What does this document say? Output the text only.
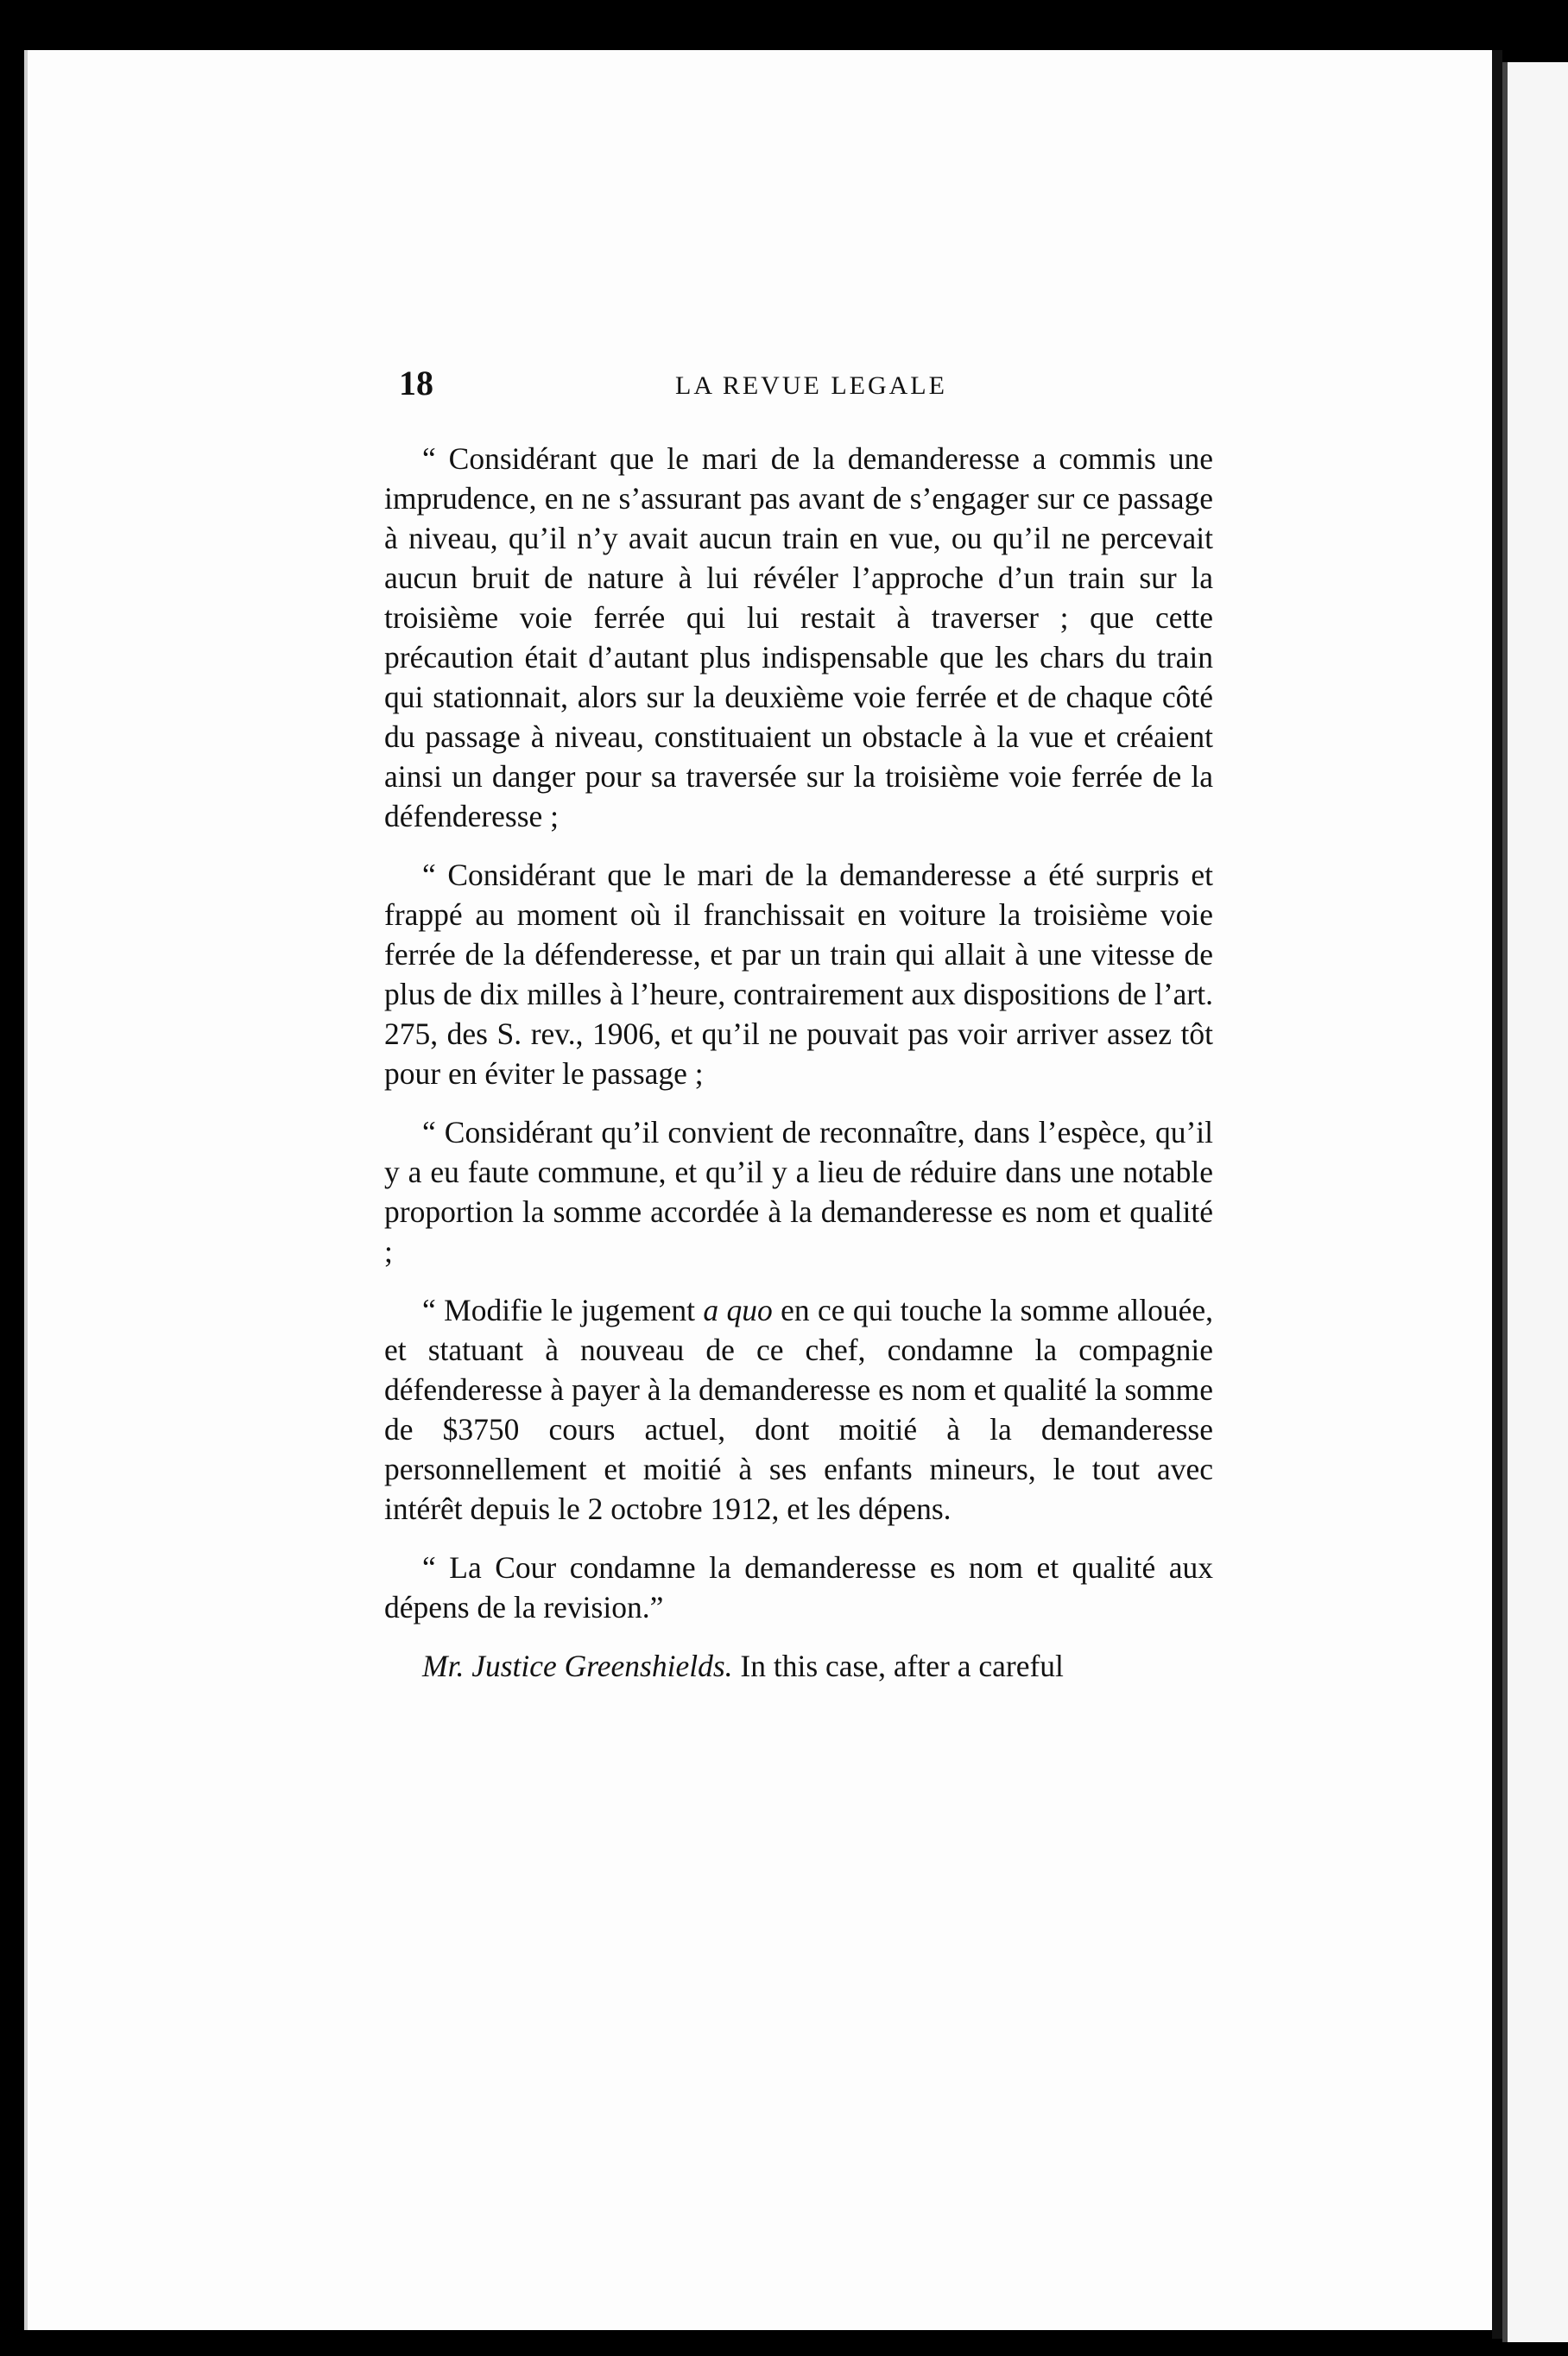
18	LA REVUE LEGALE

“ Considérant que le mari de la demanderesse a commis une imprudence, en ne s’assurant pas avant de s’engager sur ce passage à niveau, qu’il n’y avait aucun train en vue, ou qu’il ne percevait aucun bruit de nature à lui révéler l’approche d’un train sur la troisième voie ferrée qui lui restait à traverser ; que cette précaution était d’autant plus indispensable que les chars du train qui stationnait, alors sur la deuxième voie ferrée et de chaque côté du passage à niveau, constituaient un obstacle à la vue et créaient ainsi un danger pour sa traversée sur la troisième voie ferrée de la défenderesse ;

“ Considérant que le mari de la demanderesse a été surpris et frappé au moment où il franchissait en voiture la troisième voie ferrée de la défenderesse, et par un train qui allait à une vitesse de plus de dix milles à l’heure, contrairement aux dispositions de l’art. 275, des S. rev., 1906, et qu’il ne pouvait pas voir arriver assez tôt pour en éviter le passage ;

“ Considérant qu’il convient de reconnaître, dans l’espèce, qu’il y a eu faute commune, et qu’il y a lieu de réduire dans une notable proportion la somme accordée à la demanderesse es nom et qualité ;

“ Modifie le jugement a quo en ce qui touche la somme allouée, et statuant à nouveau de ce chef, condamne la compagnie défenderesse à payer à la demanderesse es nom et qualité la somme de $3750 cours actuel, dont moitié à la demanderesse personnellement et moitié à ses enfants mineurs, le tout avec intérêt depuis le 2 octobre 1912, et les dépens.

“ La Cour condamne la demanderesse es nom et qualité aux dépens de la revision.”

Mr. Justice Greenshields. In this case, after a careful
